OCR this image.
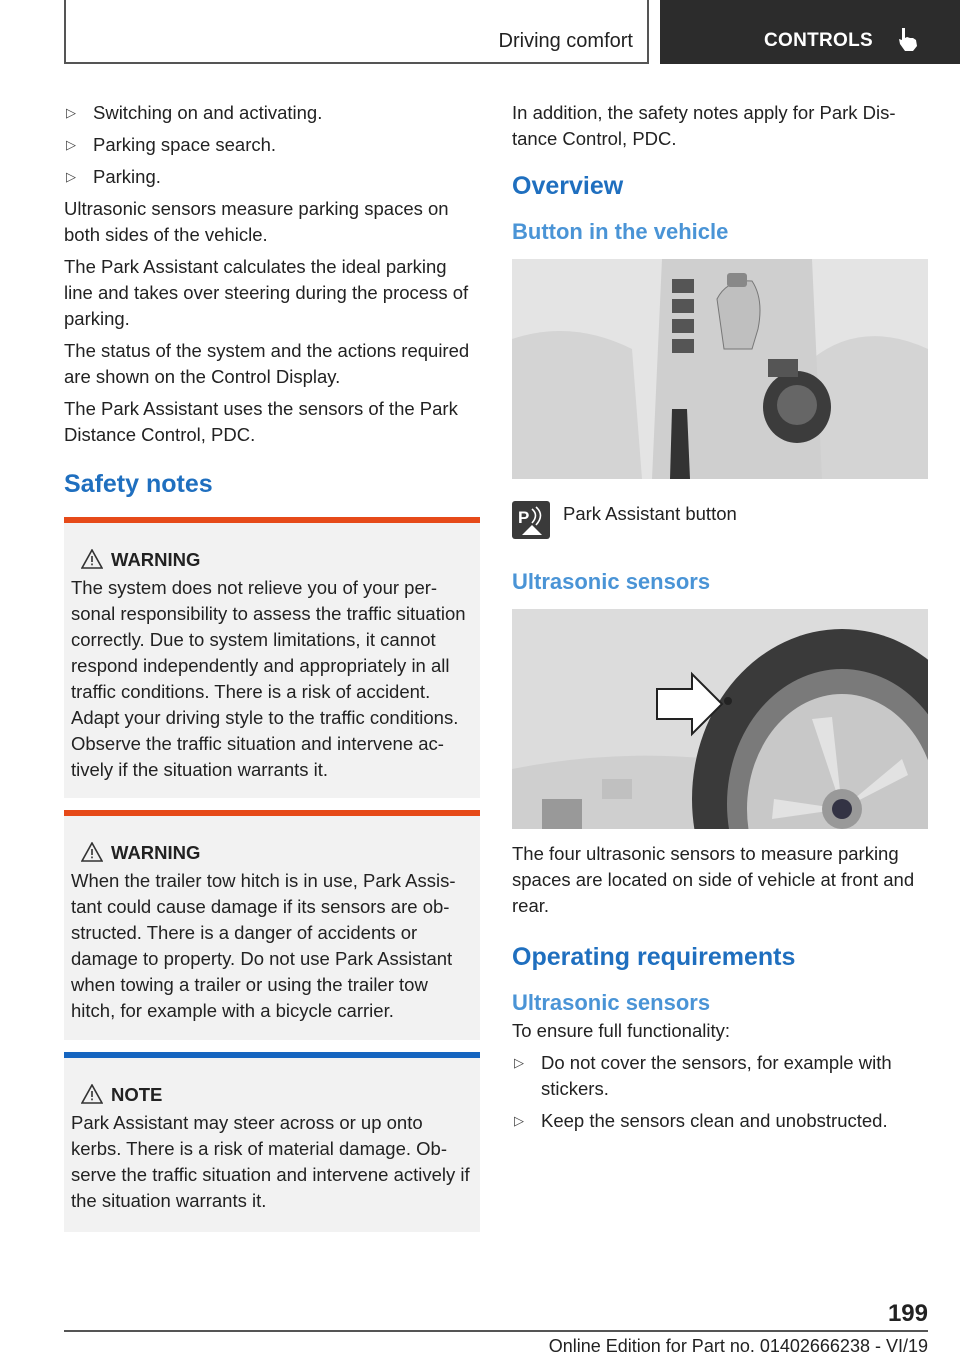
Driving comfort	CONTROLS
▷ Switching on and activating.
▷ Parking space search.
▷ Parking.

Ultrasonic sensors measure parking spaces on both sides of the vehicle.

The Park Assistant calculates the ideal parking line and takes over steering during the process of parking.

The status of the system and the actions required are shown on the Control Display.

The Park Assistant uses the sensors of the Park Distance Control, PDC.

Safety notes
WARNING
The system does not relieve you of your personal responsibility to assess the traffic situation correctly. Due to system limitations, it cannot respond independently and appropriately in all traffic conditions. There is a risk of accident. Adapt your driving style to the traffic conditions. Observe the traffic situation and intervene actively if the situation warrants it.
WARNING
When the trailer tow hitch is in use, Park Assistant could cause damage if its sensors are obstructed. There is a danger of accidents or damage to property. Do not use Park Assistant when towing a trailer or using the trailer tow hitch, for example with a bicycle carrier.
NOTE
Park Assistant may steer across or up onto kerbs. There is a risk of material damage. Observe the traffic situation and intervene actively if the situation warrants it.

In addition, the safety notes apply for Park Distance Control, PDC.

Overview
Button in the vehicle
P Park Assistant button
Ultrasonic sensors

The four ultrasonic sensors to measure parking spaces are located on side of vehicle at front and rear.

Operating requirements
Ultrasonic sensors

To ensure full functionality:

▷ Do not cover the sensors, for example with stickers.
▷ Keep the sensors clean and unobstructed.
199
Online Edition for Part no. 01402666238 - VI/19
